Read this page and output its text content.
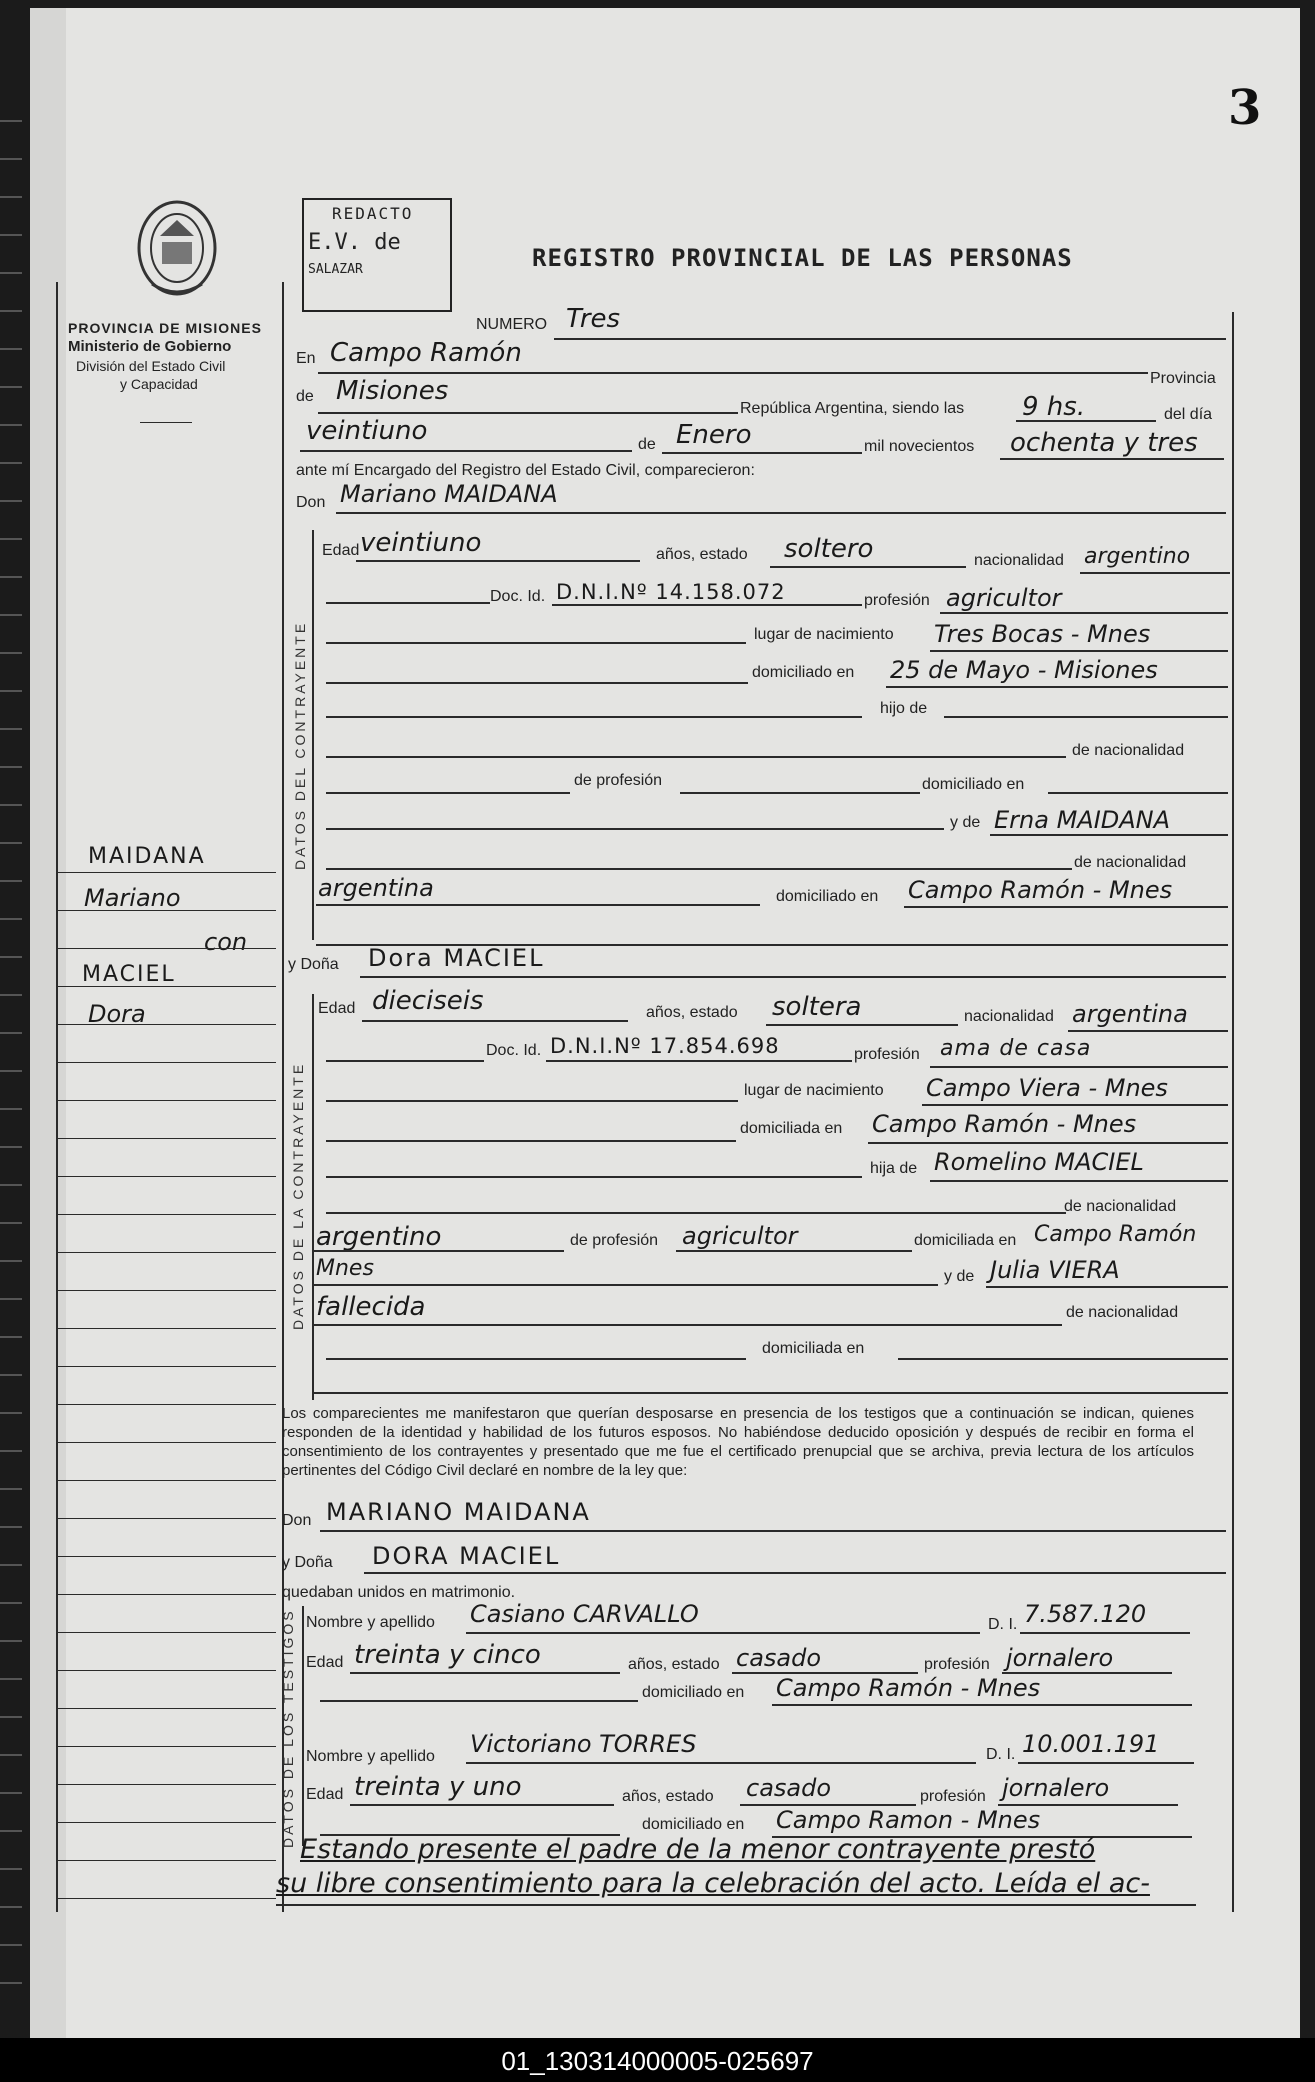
3
PROVINCIA DE MISIONES
Ministerio de Gobierno
División del Estado Civil
y Capacidad
REDACTO
E.V. de
SALAZAR	REGISTRO PROVINCIAL DE LAS PERSONAS
MAIDANA
Mariano
con
MACIEL
Dora
NUMERO Tres
En Campo Ramón
Provincia
de Misiones
República Argentina, siendo las 9 hs.	del día
veintiuno	de Enero	mil novecientos ochenta y tres
ante mí Encargado del Registro del Estado Civil, comparecieron:
Don Mariano MAIDANA
DATOS DEL CONTRAYENTE
Edad veintiuno	años, estado soltero	nacionalidad argentino
Doc. Id. D.N.I.Nº 14.158.072	profesión agricultor
lugar de nacimiento Tres Bocas - Mnes
domiciliado en 25 de Mayo - Misiones
hijo de
de nacionalidad
de profesión	domiciliado en
y de Erna MAIDANA
de nacionalidad
argentina	domiciliado en Campo Ramón - Mnes
y Doña Dora MACIEL
DATOS DE LA CONTRAYENTE
Edad dieciseis	años, estado soltera	nacionalidad argentina
Doc. Id. D.N.I.Nº 17.854.698	profesión ama de casa
lugar de nacimiento Campo Viera - Mnes
domiciliada en Campo Ramón - Mnes
hija de Romelino MACIEL
de nacionalidad
argentino	de profesión agricultor	domiciliada en Campo Ramón
Mnes	y de Julia VIERA
fallecida	de nacionalidad
domiciliada en
Los comparecientes me manifestaron que querían desposarse en presencia de los testigos que a continuación se indican, quienes responden de la identidad y habilidad de los futuros esposos. No habiéndose deducido oposición y después de recibir en forma el consentimiento de los contrayentes y presentado que me fue el certificado prenupcial que se archiva, previa lectura de los artículos pertinentes del Código Civil declaré en nombre de la ley que:
Don MARIANO MAIDANA
y Doña DORA MACIEL
quedaban unidos en matrimonio.
DATOS DE LOS TESTIGOS Nombre y apellido Casiano CARVALLO	D. I. 7.587.120
Edad treinta y cinco	años, estado casado	profesión jornalero
domiciliado en Campo Ramón - Mnes
Nombre y apellido Victoriano TORRES	D. I. 10.001.191
Edad treinta y uno	años, estado casado	profesión jornalero
domiciliado en Campo Ramon - Mnes
Estando presente el padre de la menor contrayente prestó
su libre consentimiento para la celebración del acto. Leída el ac-
01_130314000005-025697
